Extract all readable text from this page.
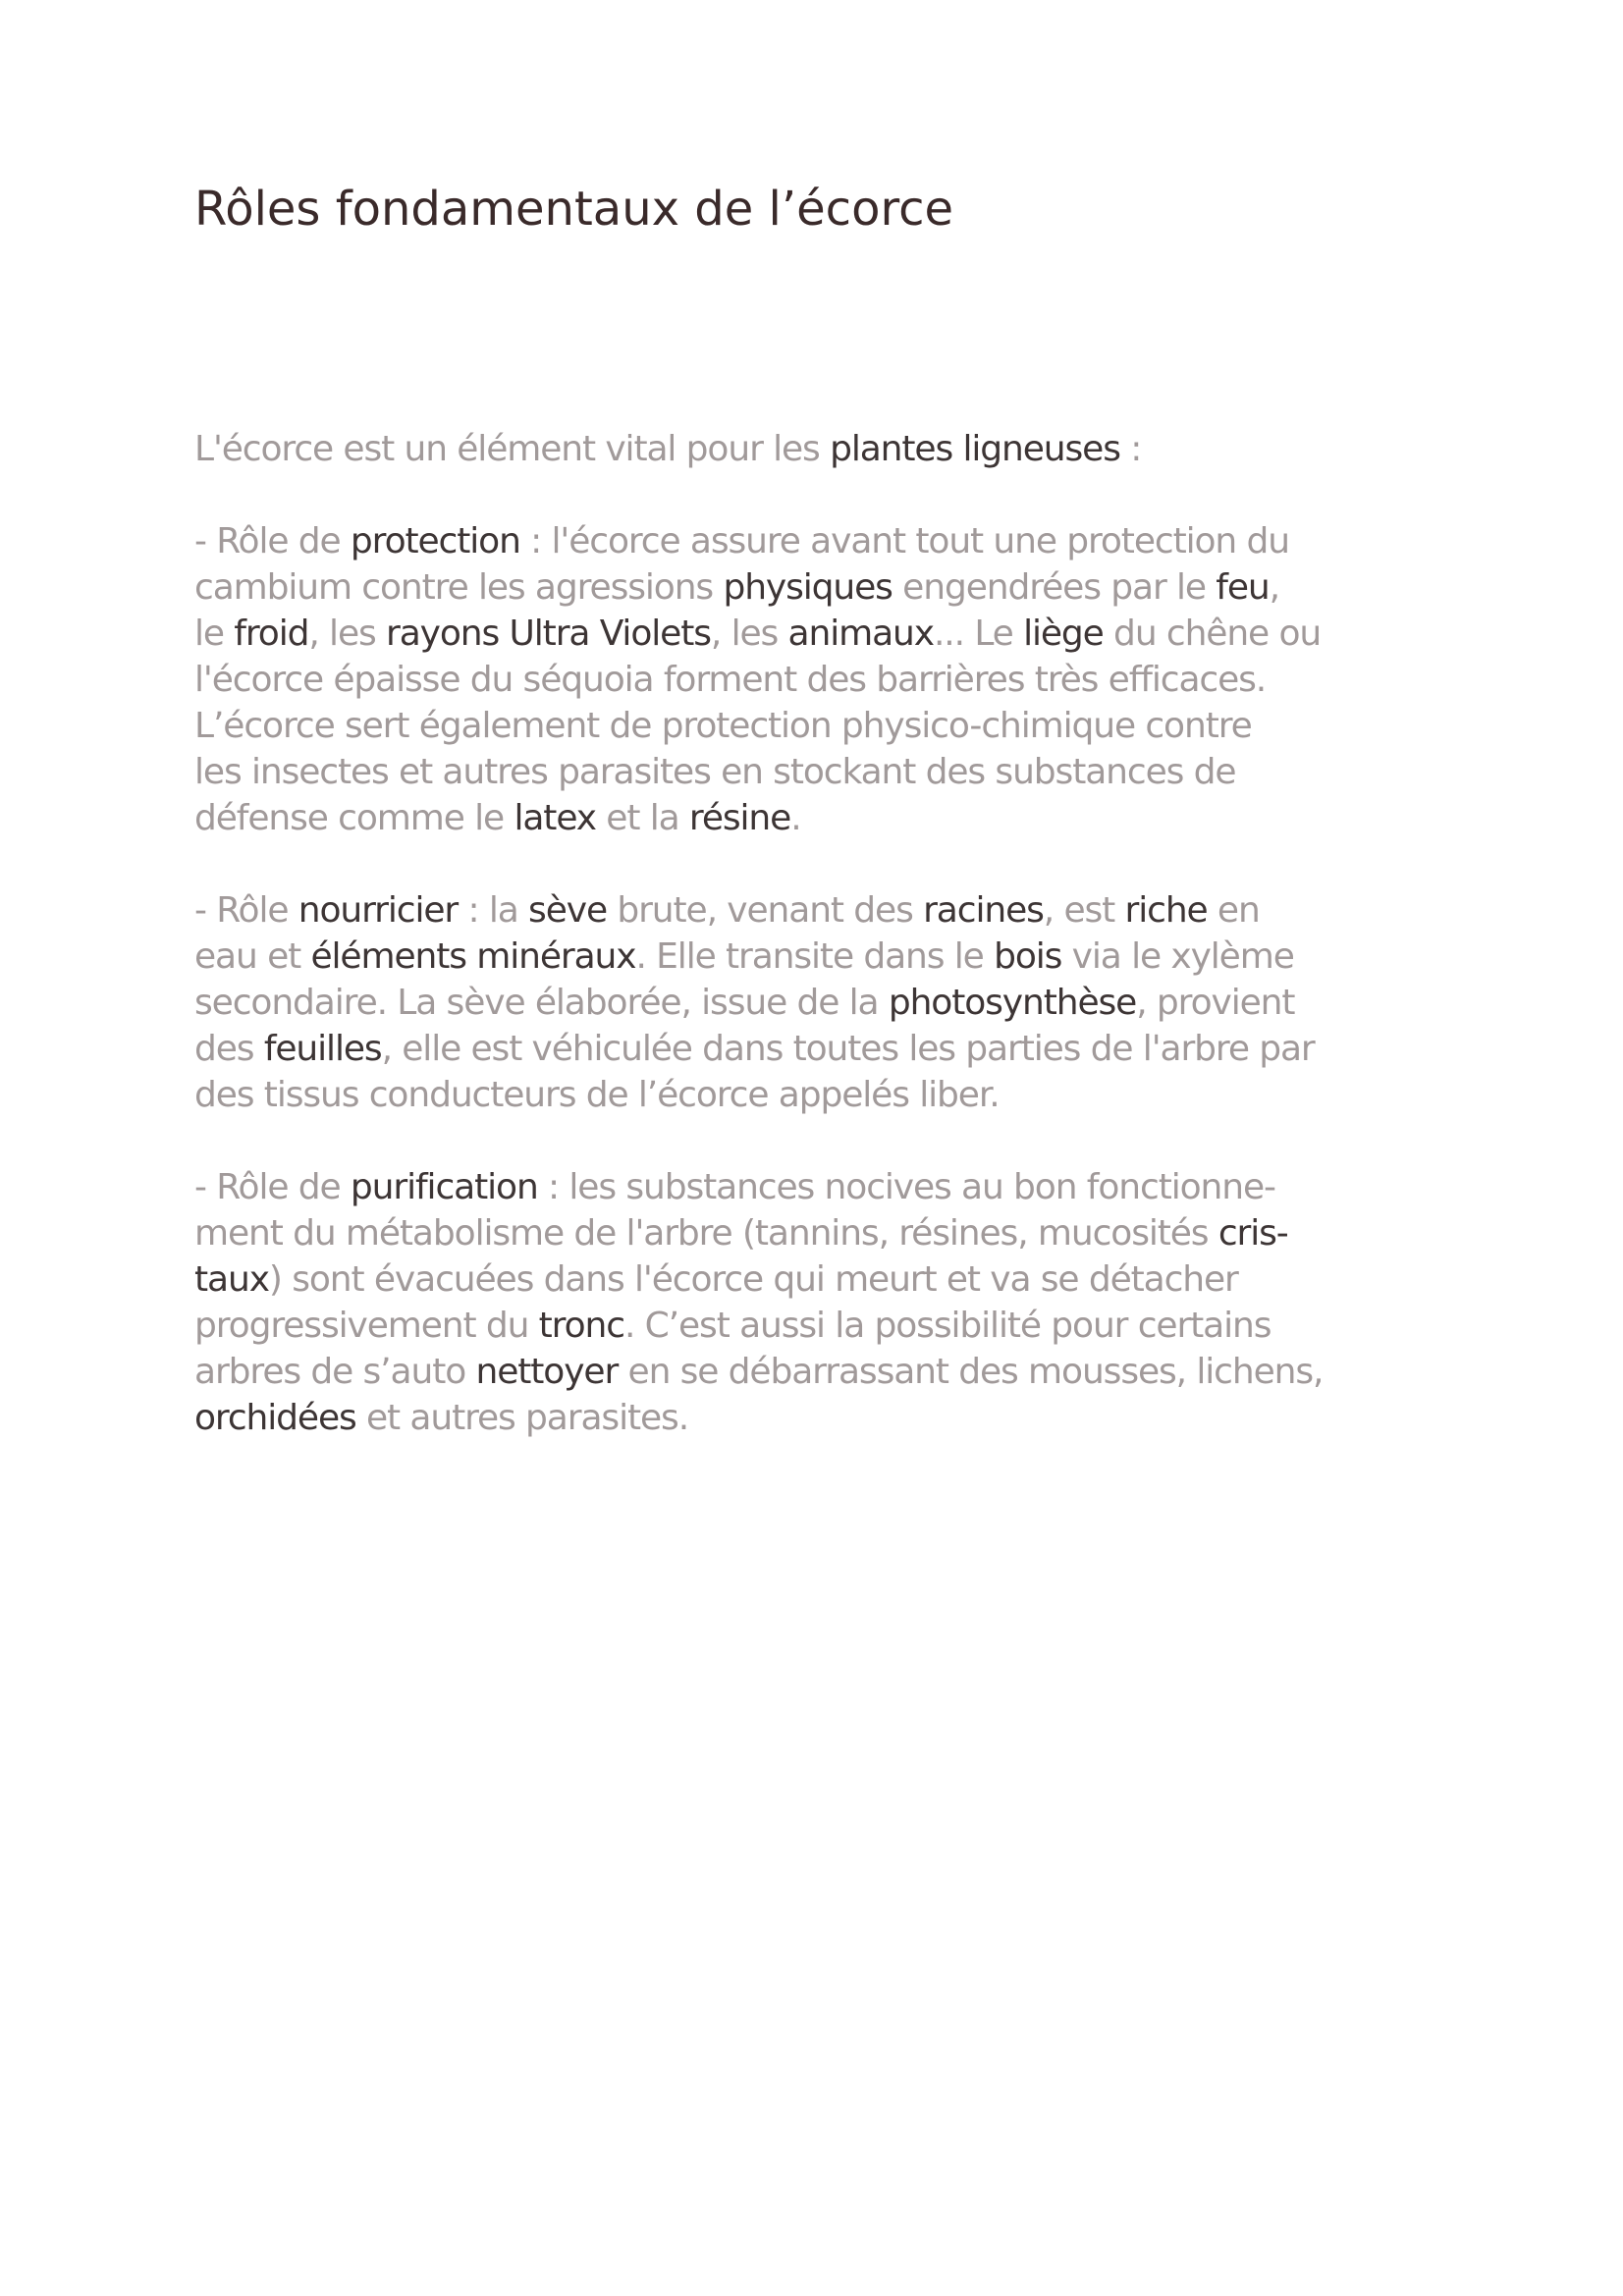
Rôles fondamentaux de l’écorce
L'écorce est un élément vital pour les plantes ligneuses :
- Rôle de protection : l'écorce assure avant tout une protection du
cambium contre les agressions physiques engendrées par le feu,
le froid, les rayons Ultra Violets, les animaux... Le liège du chêne ou
l'écorce épaisse du séquoia forment des barrières très efficaces.
L’écorce sert également de protection physico-chimique contre
les insectes et autres parasites en stockant des substances de
défense comme le latex et la résine.
- Rôle nourricier : la sève brute, venant des racines, est riche en
eau et éléments minéraux. Elle transite dans le bois via le xylème
secondaire. La sève élaborée, issue de la photosynthèse, provient
des feuilles, elle est véhiculée dans toutes les parties de l'arbre par
des tissus conducteurs de l’écorce appelés liber.
- Rôle de purification : les substances nocives au bon fonctionne-
ment du métabolisme de l'arbre (tannins, résines, mucosités cris-
taux) sont évacuées dans l'écorce qui meurt et va se détacher
progressivement du tronc. C’est aussi la possibilité pour certains
arbres de s’auto nettoyer en se débarrassant des mousses, lichens,
orchidées et autres parasites.
